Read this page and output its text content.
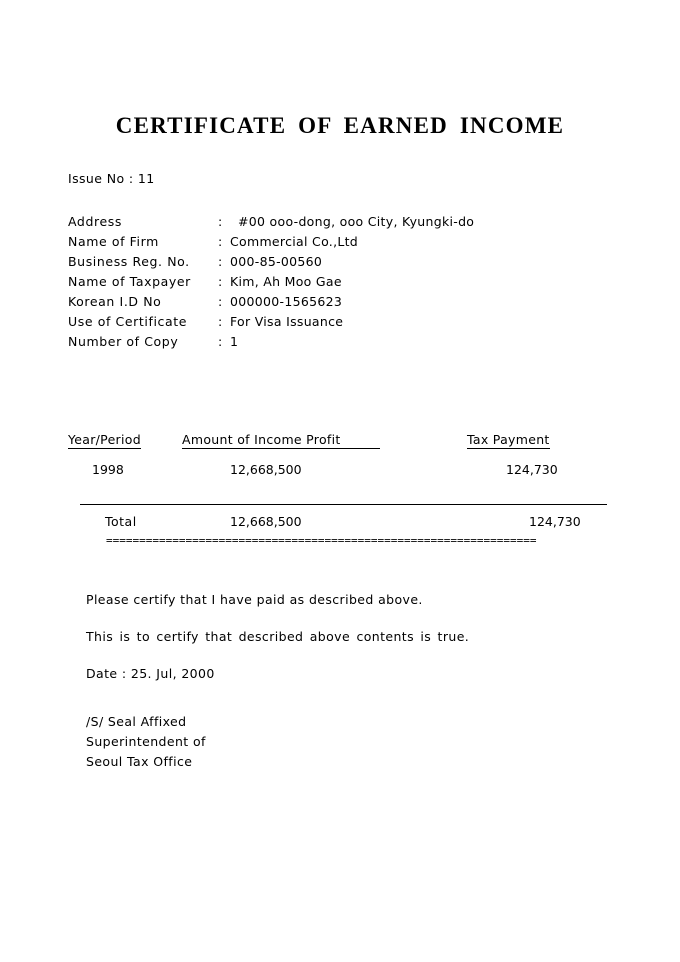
CERTIFICATE OF EARNED INCOME
Issue No : 11
Address	: #00 ooo-dong, ooo City, Kyungki-do
Name of Firm	: Commercial Co.,Ltd
Business Reg. No. : 000-85-00560
Name of Taxpayer : Kim, Ah Moo Gae
Korean I.D No	: 000000-1565623
Use of Certificate : For Visa Issuance
Number of Copy	: 1
Year/Period	Amount of Income Profit	Tax Payment
1998	12,668,500	124,730
Total	12,668,500	124,730
=================================================================
Please certify that I have paid as described above.
This is to certify that described above contents is true.
Date : 25. Jul, 2000
/S/ Seal Affixed
Superintendent of
Seoul Tax Office
